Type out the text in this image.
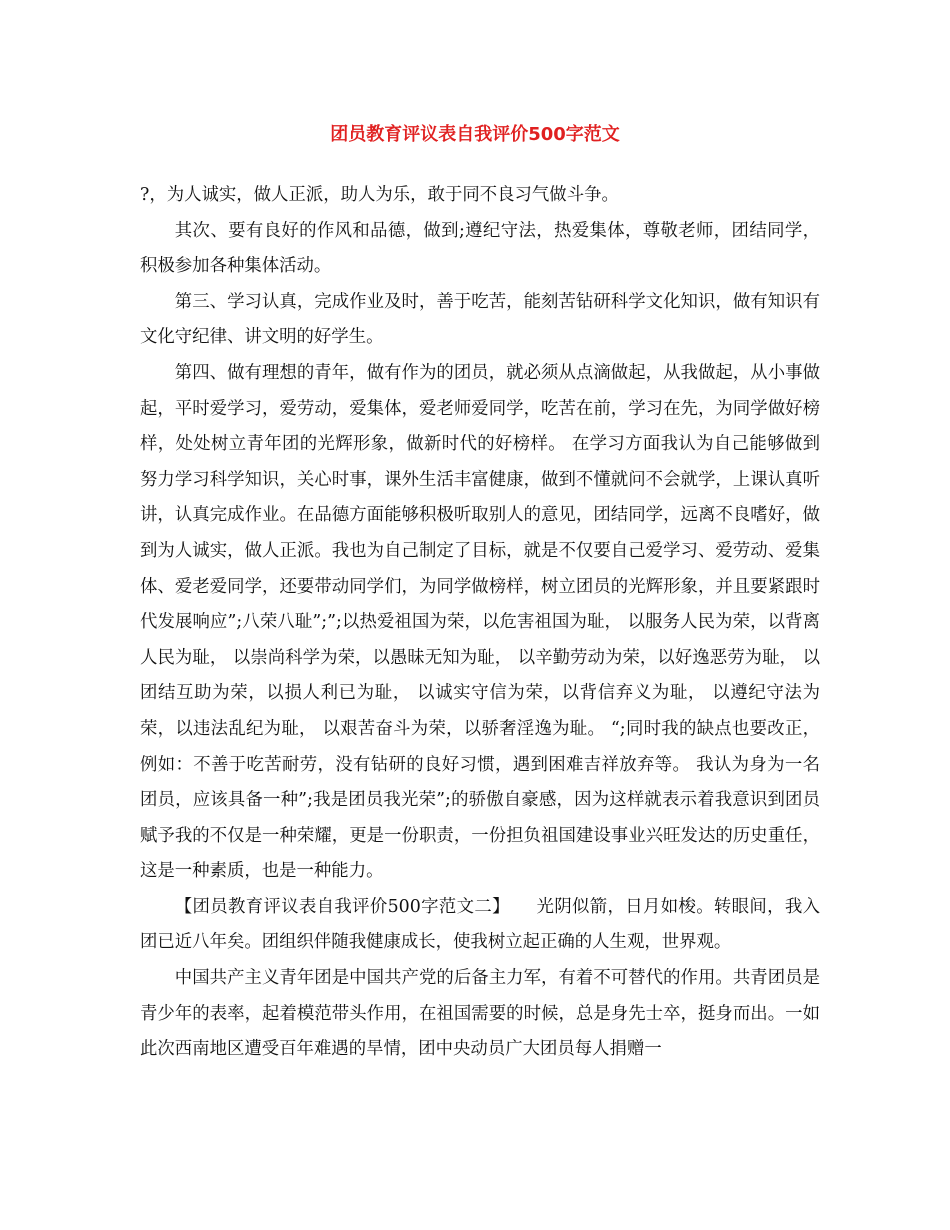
团员教育评议表自我评价500字范文

?，为人诚实，做人正派，助人为乐，敢于同不良习气做斗争。

其次、要有良好的作风和品德，做到;遵纪守法，热爱集体，尊敬老师，团结同学，积极参加各种集体活动。

第三、学习认真，完成作业及时，善于吃苦，能刻苦钻研科学文化知识，做有知识有文化守纪律、讲文明的好学生。

第四、做有理想的青年，做有作为的团员，就必须从点滴做起，从我做起，从小事做起，平时爱学习，爱劳动，爱集体，爱老师爱同学，吃苦在前，学习在先，为同学做好榜样，处处树立青年团的光辉形象，做新时代的好榜样。 在学习方面我认为自己能够做到努力学习科学知识，关心时事，课外生活丰富健康，做到不懂就问不会就学，上课认真听讲，认真完成作业。在品德方面能够积极听取别人的意见，团结同学，远离不良嗜好，做到为人诚实，做人正派。我也为自己制定了目标，就是不仅要自己爱学习、爱劳动、爱集体、爱老爱同学，还要带动同学们，为同学做榜样，树立团员的光辉形象，并且要紧跟时代发展响应”;八荣八耻”;”;以热爱祖国为荣，以危害祖国为耻， 以服务人民为荣，以背离人民为耻， 以崇尚科学为荣，以愚昧无知为耻， 以辛勤劳动为荣，以好逸恶劳为耻， 以团结互助为荣，以损人利已为耻， 以诚实守信为荣，以背信弃义为耻， 以遵纪守法为荣，以违法乱纪为耻， 以艰苦奋斗为荣，以骄奢淫逸为耻。 “;同时我的缺点也要改正，例如：不善于吃苦耐劳，没有钻研的良好习惯，遇到困难吉祥放弃等。 我认为身为一名团员，应该具备一种”;我是团员我光荣”;的骄傲自豪感，因为这样就表示着我意识到团员赋予我的不仅是一种荣耀，更是一份职责，一份担负祖国建设事业兴旺发达的历史重任，这是一种素质，也是一种能力。

【团员教育评议表自我评价500字范文二】　　光阴似箭，日月如梭。转眼间，我入团已近八年矣。团组织伴随我健康成长，使我树立起正确的人生观，世界观。

中国共产主义青年团是中国共产党的后备主力军，有着不可替代的作用。共青团员是青少年的表率，起着模范带头作用，在祖国需要的时候，总是身先士卒，挺身而出。一如此次西南地区遭受百年难遇的旱情，团中央动员广大团员每人捐赠一
